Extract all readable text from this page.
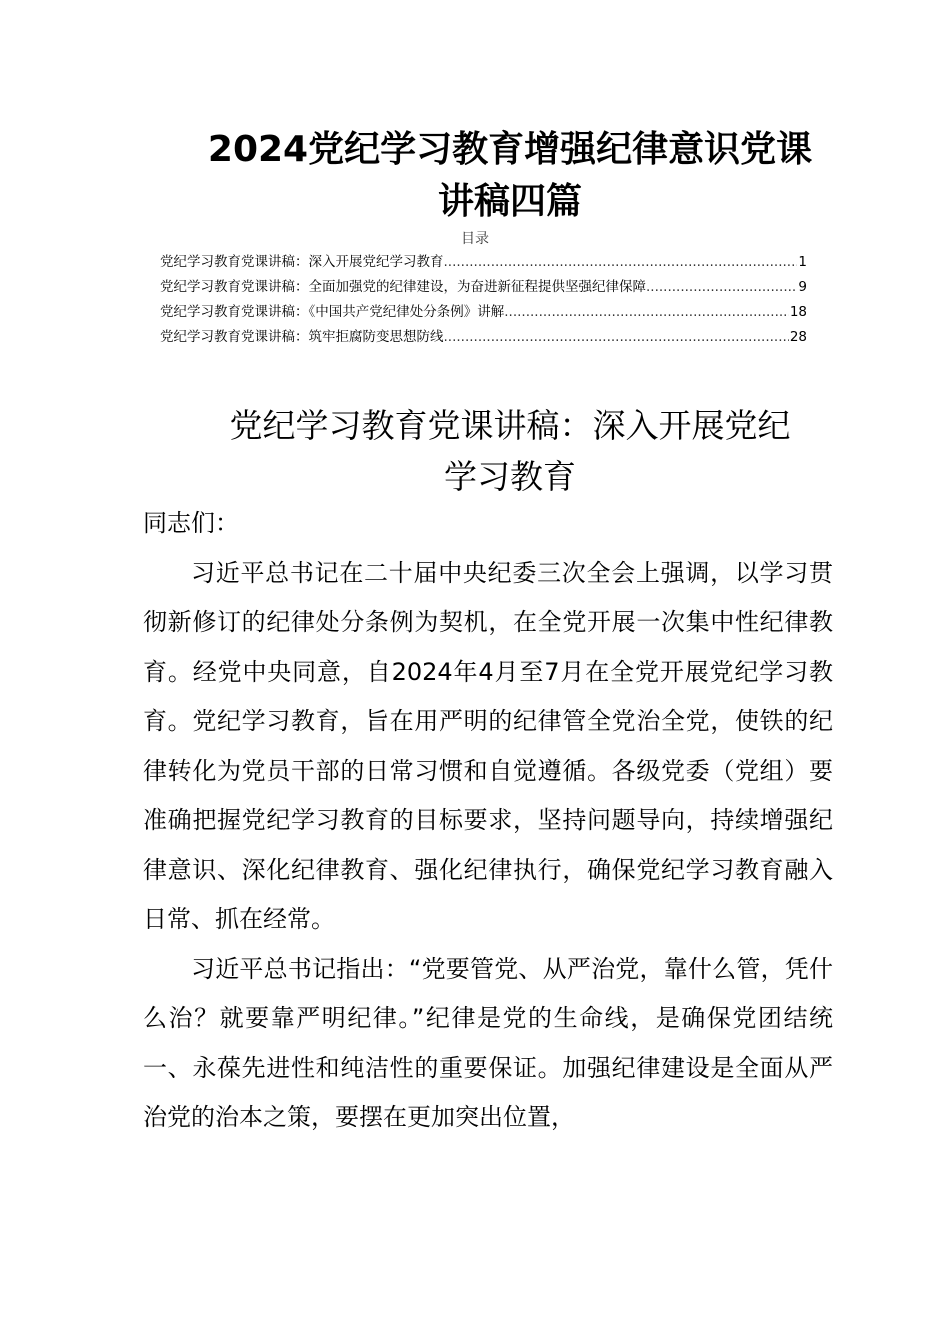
2024党纪学习教育增强纪律意识党课讲稿四篇
目录
党纪学习教育党课讲稿：深入开展党纪学习教育 .....	1
党纪学习教育党课讲稿：全面加强党的纪律建设，为奋进新征程提供坚强纪律保障 .....	9
党纪学习教育党课讲稿：《中国共产党纪律处分条例》讲解 .....	18
党纪学习教育党课讲稿：筑牢拒腐防变思想防线 .....	28
党纪学习教育党课讲稿：深入开展党纪学习教育

同志们：

习近平总书记在二十届中央纪委三次全会上强调，以学习贯彻新修订的纪律处分条例为契机，在全党开展一次集中性纪律教育。经党中央同意，自2024年4月至7月在全党开展党纪学习教育。党纪学习教育，旨在用严明的纪律管全党治全党，使铁的纪律转化为党员干部的日常习惯和自觉遵循。各级党委（党组）要准确把握党纪学习教育的目标要求，坚持问题导向，持续增强纪律意识、深化纪律教育、强化纪律执行，确保党纪学习教育融入日常、抓在经常。

习近平总书记指出：“党要管党、从严治党，靠什么管，凭什么治？就要靠严明纪律。”纪律是党的生命线，是确保党团结统一、永葆先进性和纯洁性的重要保证。加强纪律建设是全面从严治党的治本之策，要摆在更加突出位置，
